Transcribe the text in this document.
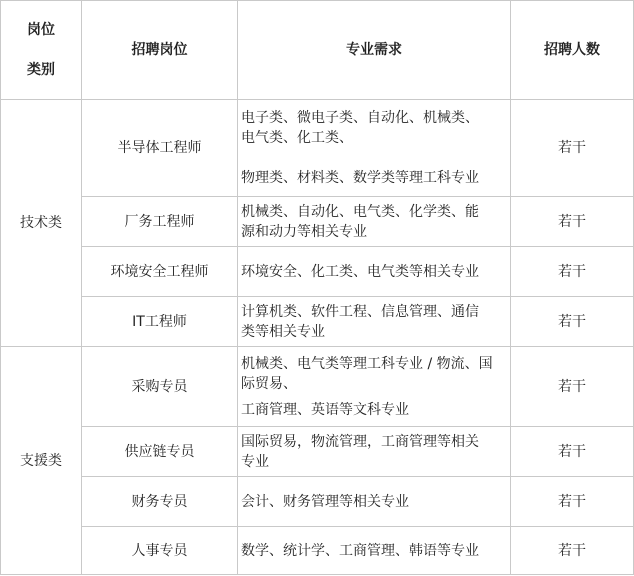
岗位
类别	招聘岗位	专业需求	招聘人数
技术类	半导体工程师	电子类、微电子类、自动化、机械类、
电气类、化工类、
物理类、材料类、数学类等理工科专业	若干
	厂务工程师	机械类、自动化、电气类、化学类、能
源和动力等相关专业	若干
	环境安全工程师	环境安全、化工类、电气类等相关专业	若干
	IT工程师	计算机类、软件工程、信息管理、通信
类等相关专业	若干
支援类	采购专员	机械类、电气类等理工科专业 / 物流、国
际贸易、
工商管理、英语等文科专业	若干
	供应链专员	国际贸易，物流管理，工商管理等相关
专业	若干
	财务专员	会计、财务管理等相关专业	若干
	人事专员	数学、统计学、工商管理、韩语等专业	若干
